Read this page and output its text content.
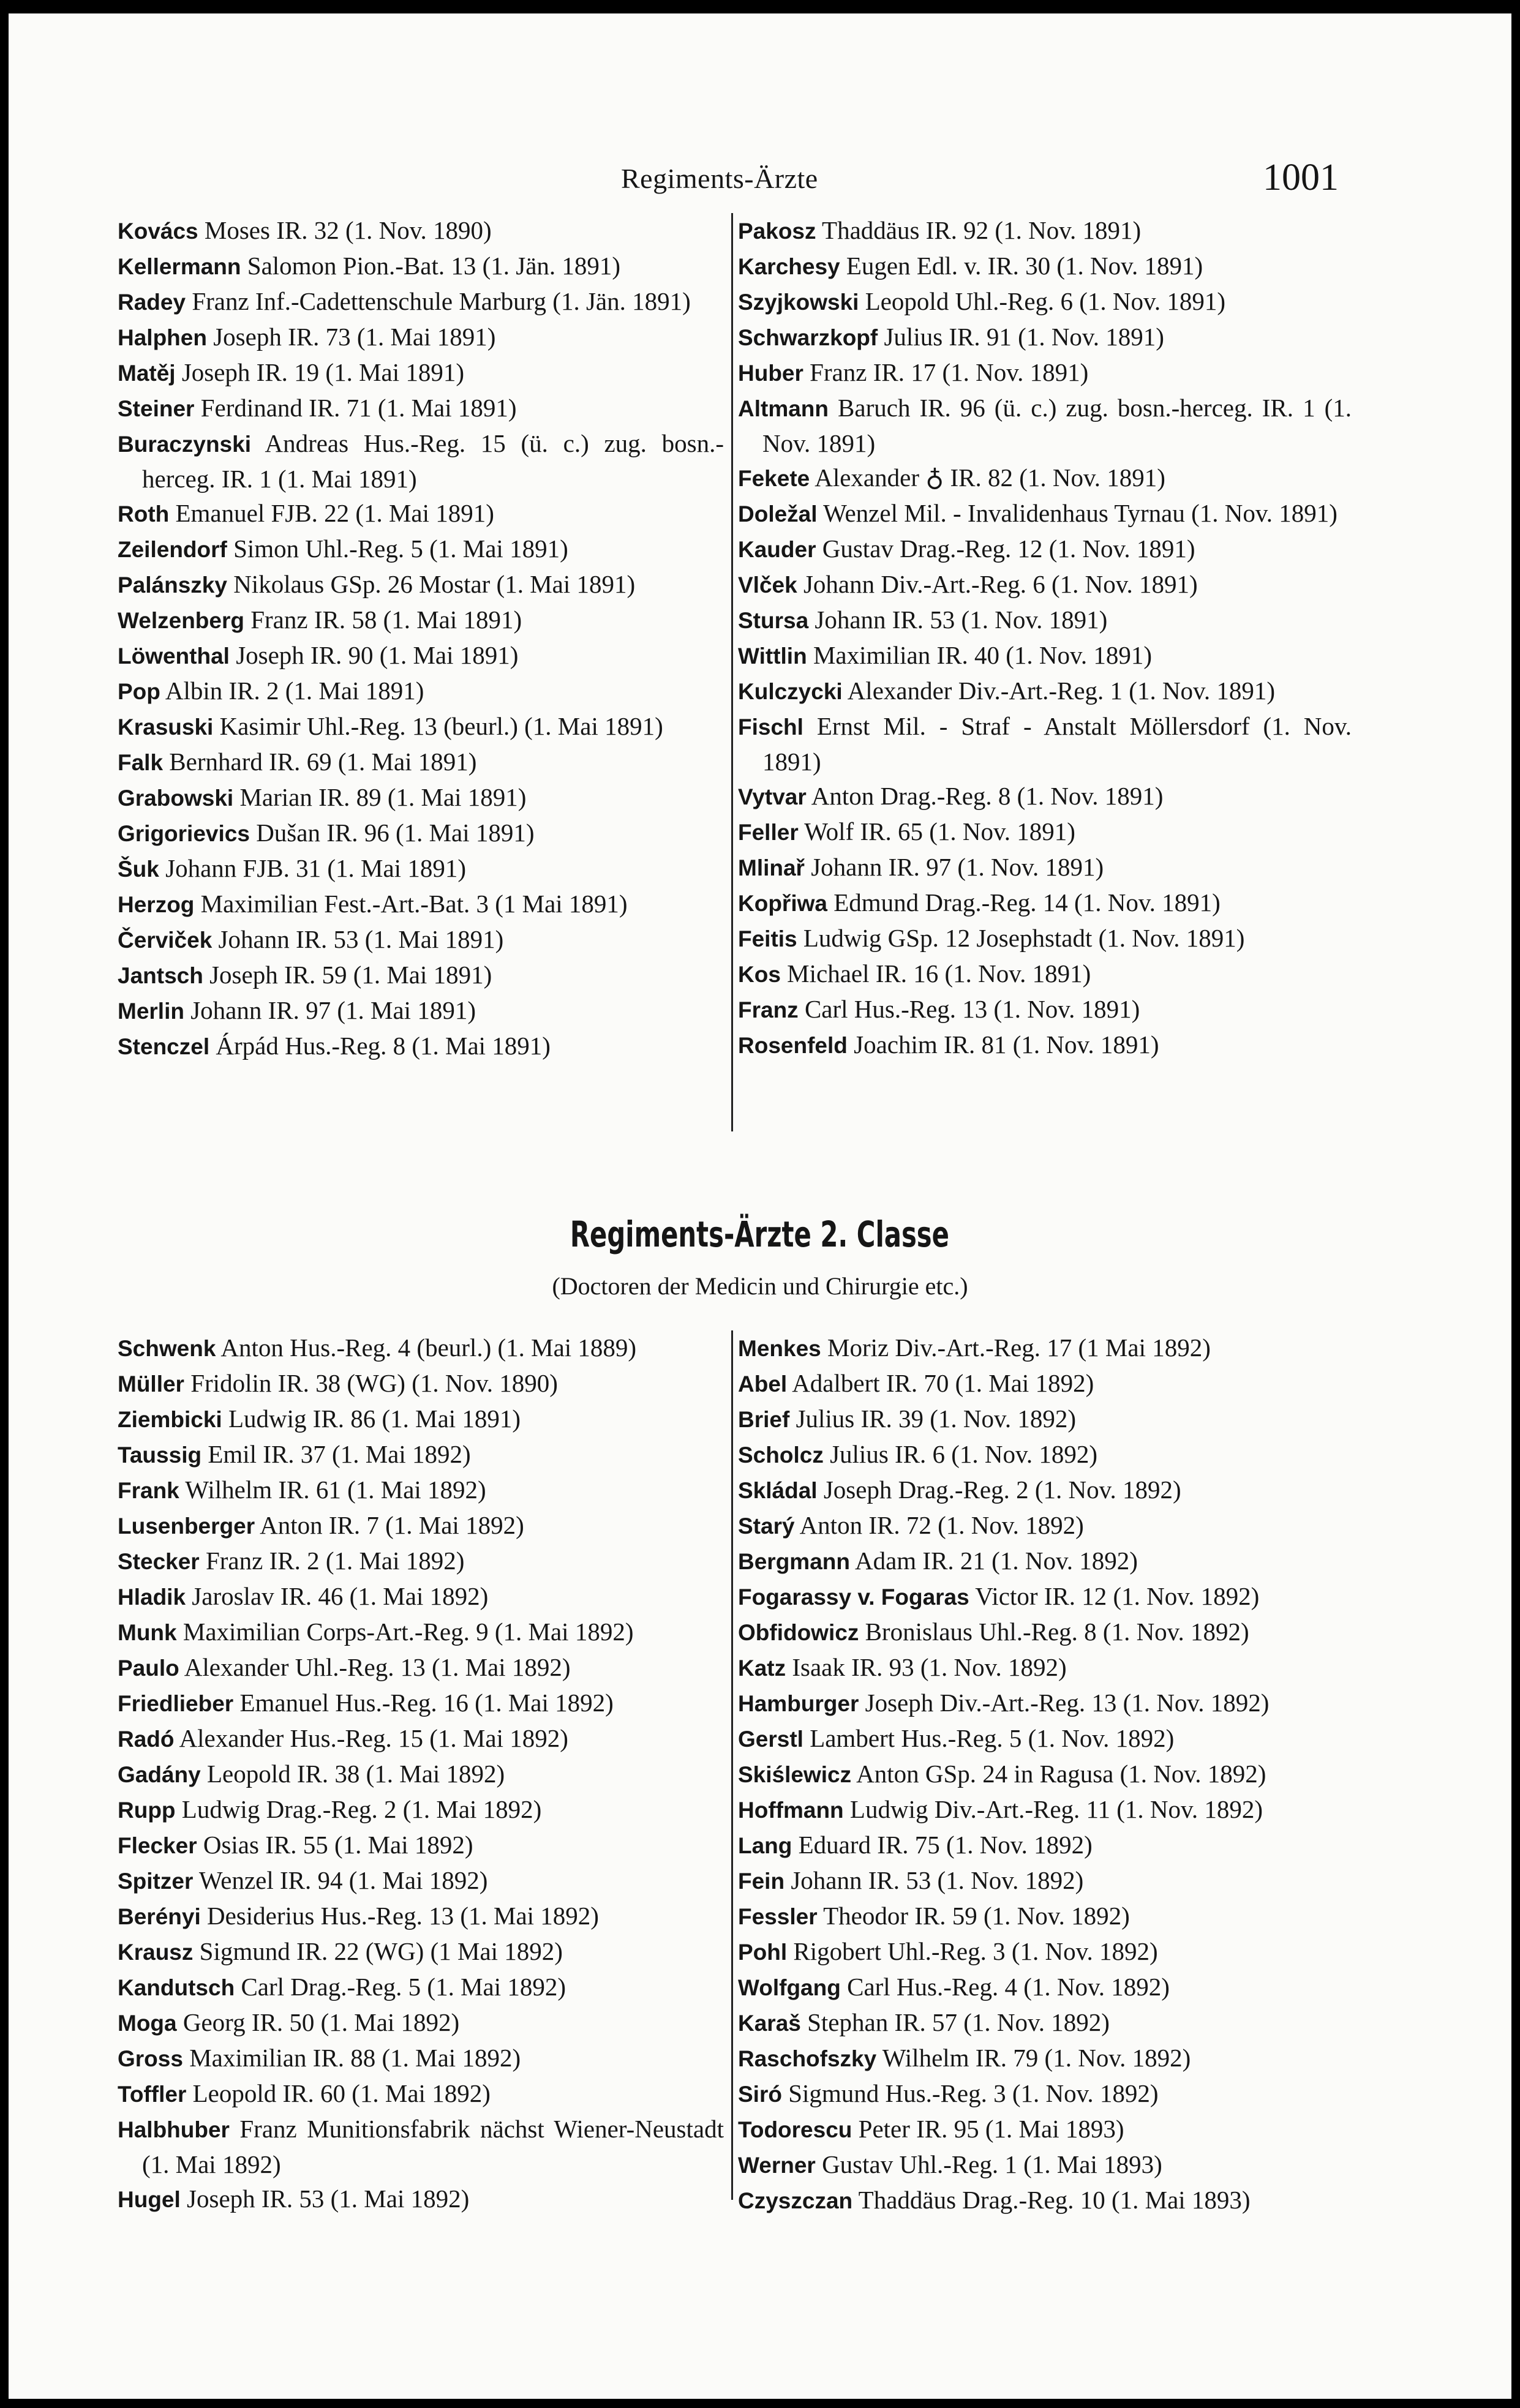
Regiments-Ärzte	1001
Kovács Moses IR. 32 (1. Nov. 1890)
Kellermann Salomon Pion.-Bat. 13 (1. Jän. 1891)
Radey Franz Inf.-Cadettenschule Marburg (1. Jän. 1891)
Halphen Joseph IR. 73 (1. Mai 1891)
Matěj Joseph IR. 19 (1. Mai 1891)
Steiner Ferdinand IR. 71 (1. Mai 1891)
Buraczynski Andreas Hus.-Reg. 15 (ü. c.) zug. bosn.-herceg. IR. 1 (1. Mai 1891)
Roth Emanuel FJB. 22 (1. Mai 1891)
Zeilendorf Simon Uhl.-Reg. 5 (1. Mai 1891)
Palánszky Nikolaus GSp. 26 Mostar (1. Mai 1891)
Welzenberg Franz IR. 58 (1. Mai 1891)
Löwenthal Joseph IR. 90 (1. Mai 1891)
Pop Albin IR. 2 (1. Mai 1891)
Krasuski Kasimir Uhl.-Reg. 13 (beurl.) (1. Mai 1891)
Falk Bernhard IR. 69 (1. Mai 1891)
Grabowski Marian IR. 89 (1. Mai 1891)
Grigorievics Dušan IR. 96 (1. Mai 1891)
Šuk Johann FJB. 31 (1. Mai 1891)
Herzog Maximilian Fest.-Art.-Bat. 3 (1 Mai 1891)
Červiček Johann IR. 53 (1. Mai 1891)
Jantsch Joseph IR. 59 (1. Mai 1891)
Merlin Johann IR. 97 (1. Mai 1891)
Stenczel Árpád Hus.-Reg. 8 (1. Mai 1891)
Pakosz Thaddäus IR. 92 (1. Nov. 1891)
Karchesy Eugen Edl. v. IR. 30 (1. Nov. 1891)
Szyjkowski Leopold Uhl.-Reg. 6 (1. Nov. 1891)
Schwarzkopf Julius IR. 91 (1. Nov. 1891)
Huber Franz IR. 17 (1. Nov. 1891)
Altmann Baruch IR. 96 (ü. c.) zug. bosn.-herceg. IR. 1 (1. Nov. 1891)
Fekete Alexander ♁ IR. 82 (1. Nov. 1891)
Doležal Wenzel Mil. - Invalidenhaus Tyrnau (1. Nov. 1891)
Kauder Gustav Drag.-Reg. 12 (1. Nov. 1891)
Vlček Johann Div.-Art.-Reg. 6 (1. Nov. 1891)
Stursa Johann IR. 53 (1. Nov. 1891)
Wittlin Maximilian IR. 40 (1. Nov. 1891)
Kulczycki Alexander Div.-Art.-Reg. 1 (1. Nov. 1891)
Fischl Ernst Mil. - Straf - Anstalt Möllersdorf (1. Nov. 1891)
Vytvar Anton Drag.-Reg. 8 (1. Nov. 1891)
Feller Wolf IR. 65 (1. Nov. 1891)
Mlinař Johann IR. 97 (1. Nov. 1891)
Kopřiwa Edmund Drag.-Reg. 14 (1. Nov. 1891)
Feitis Ludwig GSp. 12 Josephstadt (1. Nov. 1891)
Kos Michael IR. 16 (1. Nov. 1891)
Franz Carl Hus.-Reg. 13 (1. Nov. 1891)
Rosenfeld Joachim IR. 81 (1. Nov. 1891)
Regiments-Ärzte 2. Classe
(Doctoren der Medicin und Chirurgie etc.)
Schwenk Anton Hus.-Reg. 4 (beurl.) (1. Mai 1889)
Müller Fridolin IR. 38 (WG) (1. Nov. 1890)
Ziembicki Ludwig IR. 86 (1. Mai 1891)
Taussig Emil IR. 37 (1. Mai 1892)
Frank Wilhelm IR. 61 (1. Mai 1892)
Lusenberger Anton IR. 7 (1. Mai 1892)
Stecker Franz IR. 2 (1. Mai 1892)
Hladik Jaroslav IR. 46 (1. Mai 1892)
Munk Maximilian Corps-Art.-Reg. 9 (1. Mai 1892)
Paulo Alexander Uhl.-Reg. 13 (1. Mai 1892)
Friedlieber Emanuel Hus.-Reg. 16 (1. Mai 1892)
Radó Alexander Hus.-Reg. 15 (1. Mai 1892)
Gadány Leopold IR. 38 (1. Mai 1892)
Rupp Ludwig Drag.-Reg. 2 (1. Mai 1892)
Flecker Osias IR. 55 (1. Mai 1892)
Spitzer Wenzel IR. 94 (1. Mai 1892)
Berényi Desiderius Hus.-Reg. 13 (1. Mai 1892)
Krausz Sigmund IR. 22 (WG) (1 Mai 1892)
Kandutsch Carl Drag.-Reg. 5 (1. Mai 1892)
Moga Georg IR. 50 (1. Mai 1892)
Gross Maximilian IR. 88 (1. Mai 1892)
Toffler Leopold IR. 60 (1. Mai 1892)
Halbhuber Franz Munitionsfabrik nächst Wiener-Neustadt (1. Mai 1892)
Hugel Joseph IR. 53 (1. Mai 1892)
Menkes Moriz Div.-Art.-Reg. 17 (1 Mai 1892)
Abel Adalbert IR. 70 (1. Mai 1892)
Brief Julius IR. 39 (1. Nov. 1892)
Scholcz Julius IR. 6 (1. Nov. 1892)
Skládal Joseph Drag.-Reg. 2 (1. Nov. 1892)
Starý Anton IR. 72 (1. Nov. 1892)
Bergmann Adam IR. 21 (1. Nov. 1892)
Fogarassy v. Fogaras Victor IR. 12 (1. Nov. 1892)
Obfidowicz Bronislaus Uhl.-Reg. 8 (1. Nov. 1892)
Katz Isaak IR. 93 (1. Nov. 1892)
Hamburger Joseph Div.-Art.-Reg. 13 (1. Nov. 1892)
Gerstl Lambert Hus.-Reg. 5 (1. Nov. 1892)
Skiślewicz Anton GSp. 24 in Ragusa (1. Nov. 1892)
Hoffmann Ludwig Div.-Art.-Reg. 11 (1. Nov. 1892)
Lang Eduard IR. 75 (1. Nov. 1892)
Fein Johann IR. 53 (1. Nov. 1892)
Fessler Theodor IR. 59 (1. Nov. 1892)
Pohl Rigobert Uhl.-Reg. 3 (1. Nov. 1892)
Wolfgang Carl Hus.-Reg. 4 (1. Nov. 1892)
Karaš Stephan IR. 57 (1. Nov. 1892)
Raschofszky Wilhelm IR. 79 (1. Nov. 1892)
Siró Sigmund Hus.-Reg. 3 (1. Nov. 1892)
Todorescu Peter IR. 95 (1. Mai 1893)
Werner Gustav Uhl.-Reg. 1 (1. Mai 1893)
Czyszczan Thaddäus Drag.-Reg. 10 (1. Mai 1893)
